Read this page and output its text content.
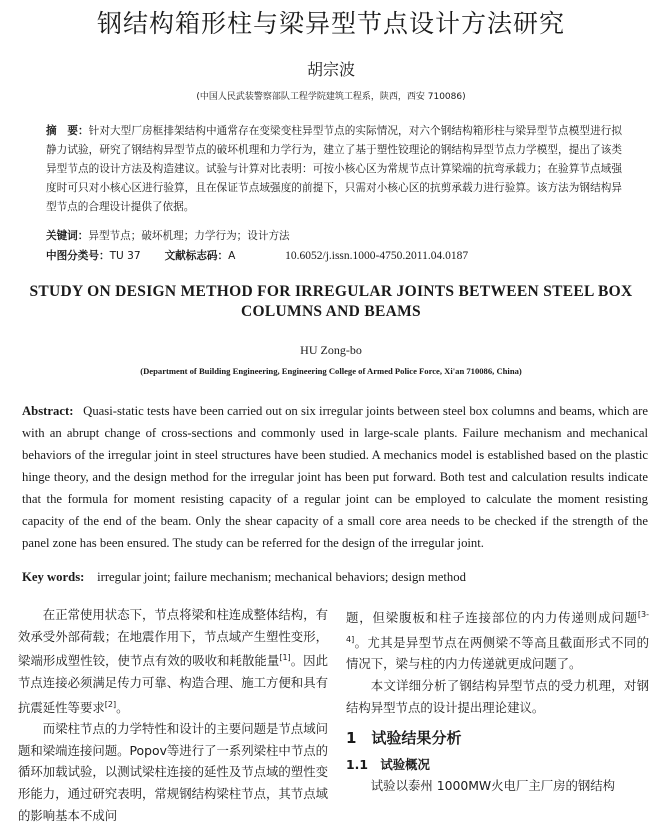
钢结构箱形柱与梁异型节点设计方法研究
胡宗波
(中国人民武装警察部队工程学院建筑工程系，陕西，西安 710086)
摘　要：针对大型厂房框排架结构中通常存在变梁变柱异型节点的实际情况，对六个钢结构箱形柱与梁异型节点模型进行拟静力试验，研究了钢结构异型节点的破坏机理和力学行为，建立了基于塑性铰理论的钢结构异型节点力学模型，提出了该类异型节点的设计方法及构造建议。试验与计算对比表明：可按小核心区为常规节点计算梁端的抗弯承载力；在验算节点域强度时可只对小核心区进行验算，且在保证节点域强度的前提下，只需对小核心区的抗剪承载力进行验算。该方法为钢结构异型节点的合理设计提供了依据。
关键词：异型节点；破坏机理；力学行为；设计方法
中图分类号：TU 37 文献标志码：A	10.6052/j.issn.1000-4750.2011.04.0187
STUDY ON DESIGN METHOD FOR IRREGULAR JOINTS BETWEEN STEEL BOX COLUMNS AND BEAMS
HU Zong-bo
(Department of Building Engineering, Engineering College of Armed Police Force, Xi'an 710086, China)
Abstract: Quasi-static tests have been carried out on six irregular joints between steel box columns and beams, which are with an abrupt change of cross-sections and commonly used in large-scale plants. Failure mechanism and mechanical behaviors of the irregular joint in steel structures have been studied. A mechanics model is established based on the plastic hinge theory, and the design method for the irregular joint has been put forward. Both test and calculation results indicate that the formula for moment resisting capacity of a regular joint can be employed to calculate the moment resisting capacity of the end of the beam. Only the shear capacity of a small core area needs to be checked if the strength of the panel zone has been ensured. The study can be referred for the design of the irregular joint.
Key words: irregular joint; failure mechanism; mechanical behaviors; design method

在正常使用状态下，节点将梁和柱连成整体结构，有效承受外部荷载；在地震作用下，节点域产生塑性变形，梁端形成塑性铰，使节点有效的吸收和耗散能量[1]。因此节点连接必须满足传力可靠、构造合理、施工方便和具有抗震延性等要求[2]。

而梁柱节点的力学特性和设计的主要问题是节点域问题和梁端连接问题。Popov等进行了一系列梁柱中节点的循环加载试验，以测试梁柱连接的延性及节点域的塑性变形能力，通过研究表明，常规钢结构梁柱节点，其节点域的影响基本不成问

题，但梁腹板和柱子连接部位的内力传递则成问题[3-4]。尤其是异型节点在两侧梁不等高且截面形式不同的情况下，梁与柱的内力传递就更成问题了。

本文详细分析了钢结构异型节点的受力机理，对钢结构异型节点的设计提出理论建议。

1　试验结果分析

1.1　试验概况

试验以泰州 1000MW火电厂主厂房的钢结构
